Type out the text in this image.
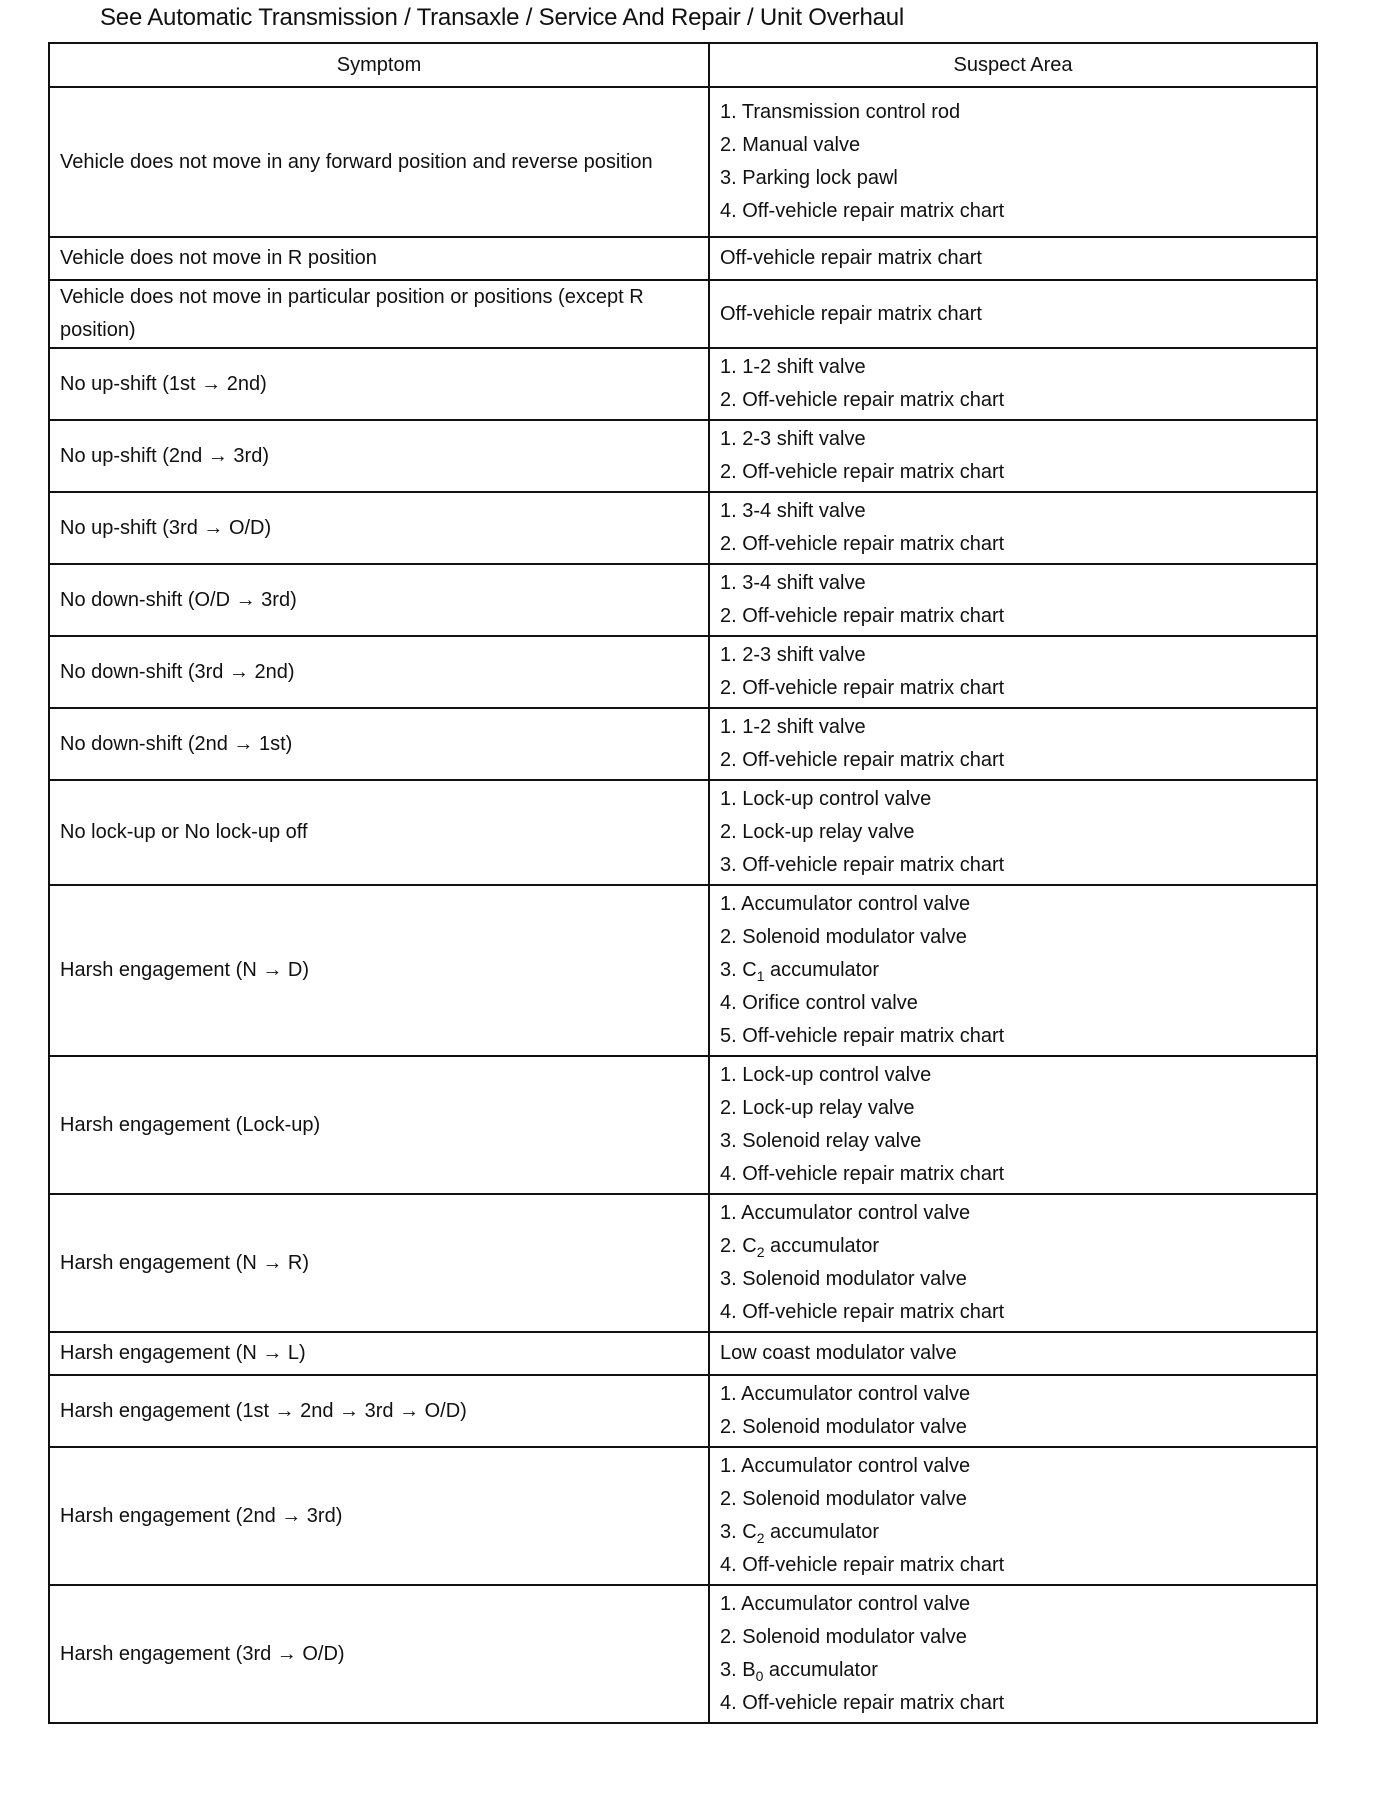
See Automatic Transmission / Transaxle / Service And Repair / Unit Overhaul
Symptom	Suspect Area

Vehicle does not move in any forward position and reverse position	1. Transmission control rod
2. Manual valve
3. Parking lock pawl
4. Off-vehicle repair matrix chart

Vehicle does not move in R position	Off-vehicle repair matrix chart

Vehicle does not move in particular position or positions (except R position)	Off-vehicle repair matrix chart

No up-shift (1st → 2nd)	1. 1-2 shift valve
2. Off-vehicle repair matrix chart

No up-shift (2nd → 3rd)	1. 2-3 shift valve
2. Off-vehicle repair matrix chart

No up-shift (3rd → O/D)	1. 3-4 shift valve
2. Off-vehicle repair matrix chart

No down-shift (O/D → 3rd)	1. 3-4 shift valve
2. Off-vehicle repair matrix chart

No down-shift (3rd → 2nd)	1. 2-3 shift valve
2. Off-vehicle repair matrix chart

No down-shift (2nd → 1st)	1. 1-2 shift valve
2. Off-vehicle repair matrix chart

No lock-up or No lock-up off	1. Lock-up control valve
2. Lock-up relay valve
3. Off-vehicle repair matrix chart

Harsh engagement (N → D)	1. Accumulator control valve
2. Solenoid modulator valve
3. $C_1$ accumulator
4. Orifice control valve
5. Off-vehicle repair matrix chart

Harsh engagement (Lock-up)	1. Lock-up control valve
2. Lock-up relay valve
3. Solenoid relay valve
4. Off-vehicle repair matrix chart

Harsh engagement (N → R)	1. Accumulator control valve
2. $C_2$ accumulator
3. Solenoid modulator valve
4. Off-vehicle repair matrix chart

Harsh engagement (N → L)	Low coast modulator valve

Harsh engagement (1st → 2nd → 3rd → O/D)	1. Accumulator control valve
2. Solenoid modulator valve

Harsh engagement (2nd → 3rd)	1. Accumulator control valve
2. Solenoid modulator valve
3. $C_2$ accumulator
4. Off-vehicle repair matrix chart

Harsh engagement (3rd → O/D)	1. Accumulator control valve
2. Solenoid modulator valve
3. $B_0$ accumulator
4. Off-vehicle repair matrix chart
